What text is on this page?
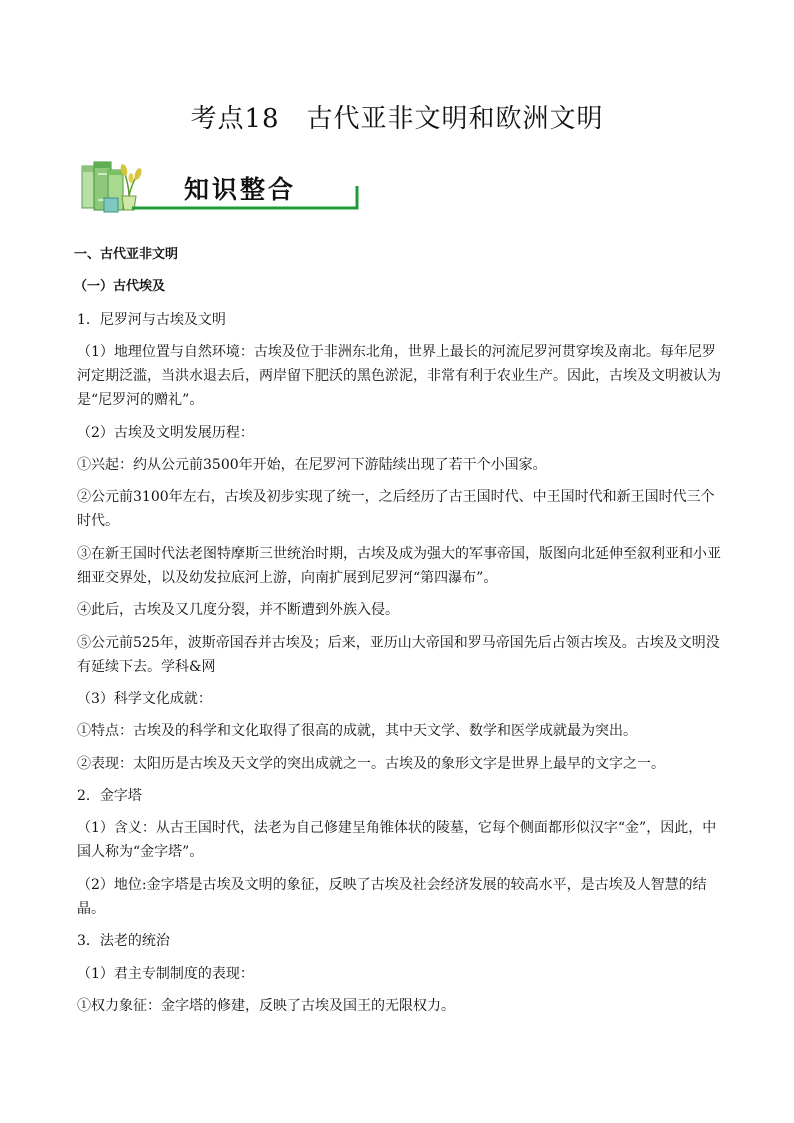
考点18　古代亚非文明和欧洲文明
知识整合

一、古代亚非文明

（一）古代埃及

1．尼罗河与古埃及文明

（1）地理位置与自然环境：古埃及位于非洲东北角，世界上最长的河流尼罗河贯穿埃及南北。每年尼罗河定期泛滥，当洪水退去后，两岸留下肥沃的黑色淤泥，非常有利于农业生产。因此，古埃及文明被认为是“尼罗河的赠礼”。

（2）古埃及文明发展历程：

①兴起：约从公元前3500年开始，在尼罗河下游陆续出现了若干个小国家。

②公元前3100年左右，古埃及初步实现了统一，之后经历了古王国时代、中王国时代和新王国时代三个时代。

③在新王国时代法老图特摩斯三世统治时期，古埃及成为强大的军事帝国，版图向北延伸至叙利亚和小亚细亚交界处，以及幼发拉底河上游，向南扩展到尼罗河“第四瀑布”。

④此后，古埃及又几度分裂，并不断遭到外族入侵。

⑤公元前525年，波斯帝国吞并古埃及；后来，亚历山大帝国和罗马帝国先后占领古埃及。古埃及文明没有延续下去。学科&网

（3）科学文化成就：

①特点：古埃及的科学和文化取得了很高的成就，其中天文学、数学和医学成就最为突出。

②表现：太阳历是古埃及天文学的突出成就之一。古埃及的象形文字是世界上最早的文字之一。

2．金字塔

（1）含义：从古王国时代，法老为自己修建呈角锥体状的陵墓，它每个侧面都形似汉字“金”，因此，中国人称为“金字塔”。

（2）地位:金字塔是古埃及文明的象征，反映了古埃及社会经济发展的较高水平，是古埃及人智慧的结晶。

3．法老的统治

（1）君主专制制度的表现：

①权力象征：金字塔的修建，反映了古埃及国王的无限权力。
